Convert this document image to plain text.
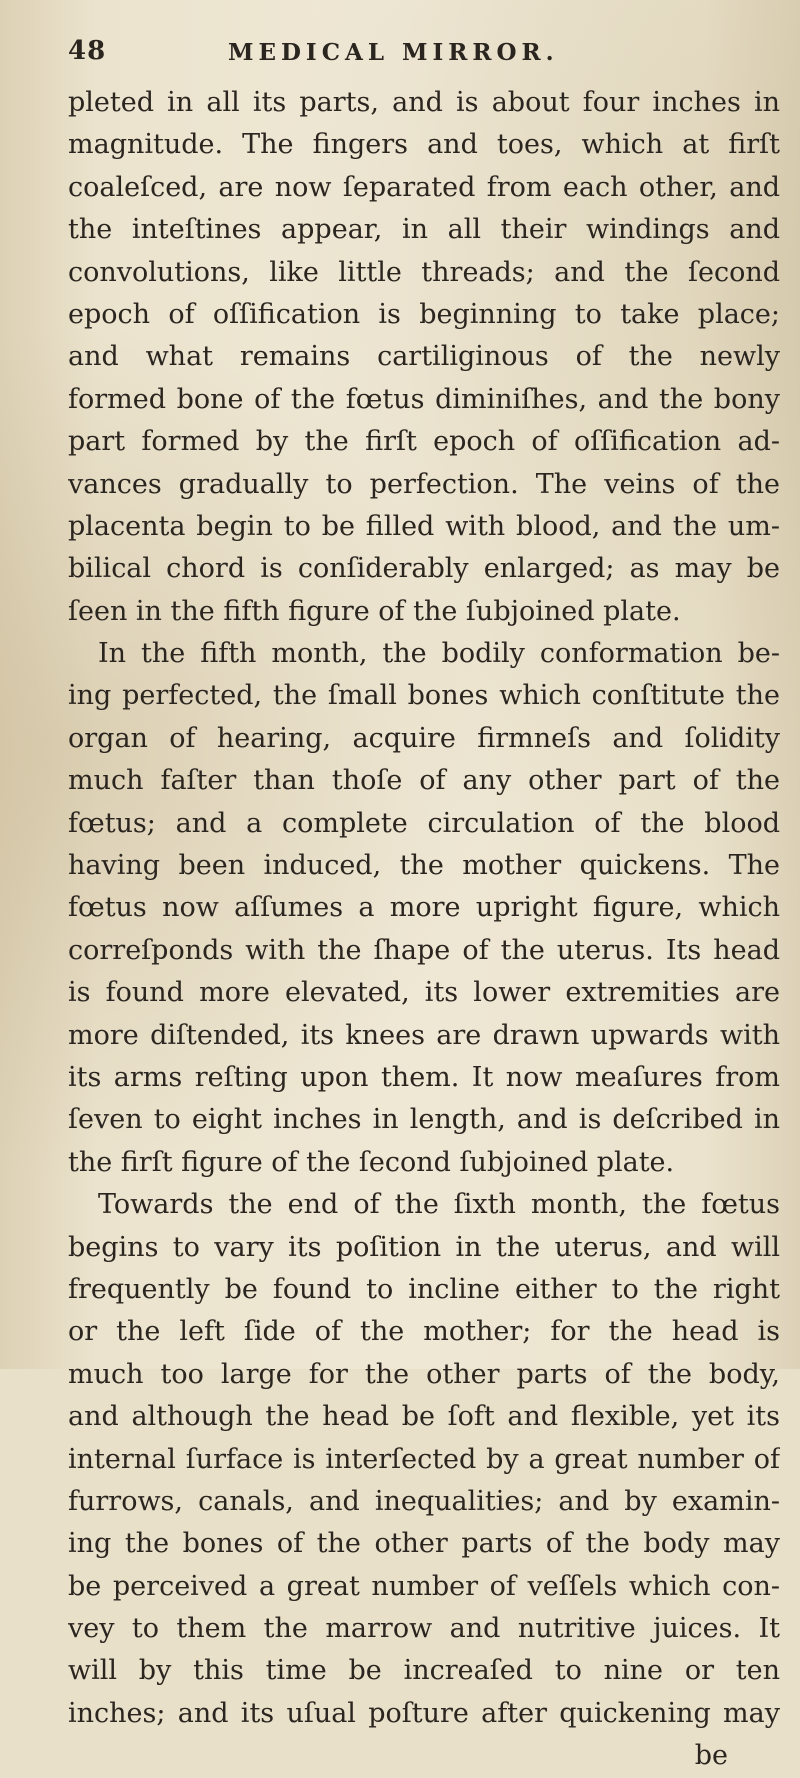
48	MEDICAL MIRROR.
pleted in all its parts, and is about four inches in
magnitude. The fingers and toes, which at firſt
coaleſced, are now ſeparated from each other, and
the inteſtines appear, in all their windings and
convolutions, like little threads; and the ſecond
epoch of oſſification is beginning to take place;
and what remains cartiliginous of the newly
formed bone of the fœtus diminiſhes, and the bony
part formed by the firſt epoch of oſſification ad-
vances gradually to perfection. The veins of the
placenta begin to be filled with blood, and the um-
bilical chord is conſiderably enlarged; as may be
ſeen in the fifth figure of the ſubjoined plate.
In the fifth month, the bodily conformation be-
ing perfected, the ſmall bones which conſtitute the
organ of hearing, acquire firmneſs and ſolidity
much faſter than thoſe of any other part of the
fœtus; and a complete circulation of the blood
having been induced, the mother quickens. The
fœtus now aſſumes a more upright figure, which
correſponds with the ſhape of the uterus. Its head
is found more elevated, its lower extremities are
more diſtended, its knees are drawn upwards with
its arms reſting upon them. It now meaſures from
ſeven to eight inches in length, and is deſcribed in
the firſt figure of the ſecond ſubjoined plate.
Towards the end of the ſixth month, the fœtus
begins to vary its poſition in the uterus, and will
frequently be found to incline either to the right
or the left ſide of the mother; for the head is
much too large for the other parts of the body,
and although the head be ſoft and flexible, yet its
internal ſurface is interſected by a great number of
furrows, canals, and inequalities; and by examin-
ing the bones of the other parts of the body may
be perceived a great number of veſſels which con-
vey to them the marrow and nutritive juices. It
will by this time be increaſed to nine or ten
inches; and its uſual poſture after quickening may
be
